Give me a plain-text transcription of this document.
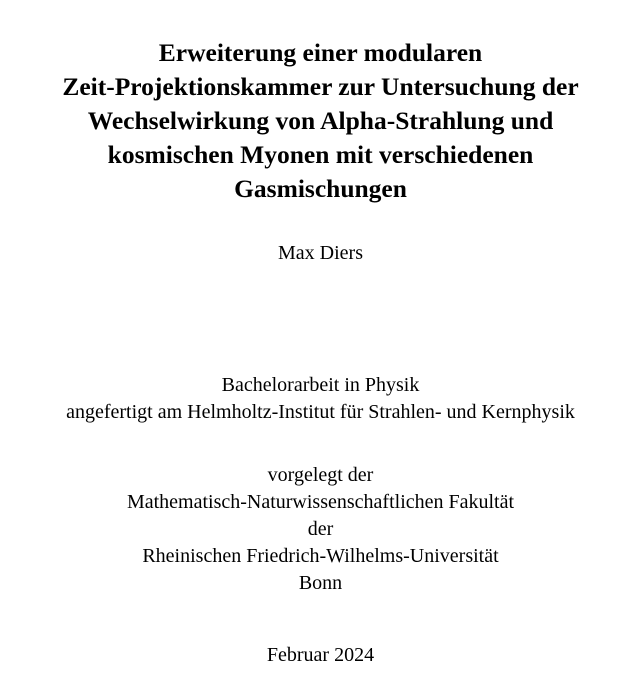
Erweiterung einer modularen
Zeit-Projektionskammer zur Untersuchung der
Wechselwirkung von Alpha-Strahlung und
kosmischen Myonen mit verschiedenen
Gasmischungen
Max Diers
Bachelorarbeit in Physik
angefertigt am Helmholtz-Institut für Strahlen- und Kernphysik
vorgelegt der
Mathematisch-Naturwissenschaftlichen Fakultät
der
Rheinischen Friedrich-Wilhelms-Universität
Bonn
Februar 2024
